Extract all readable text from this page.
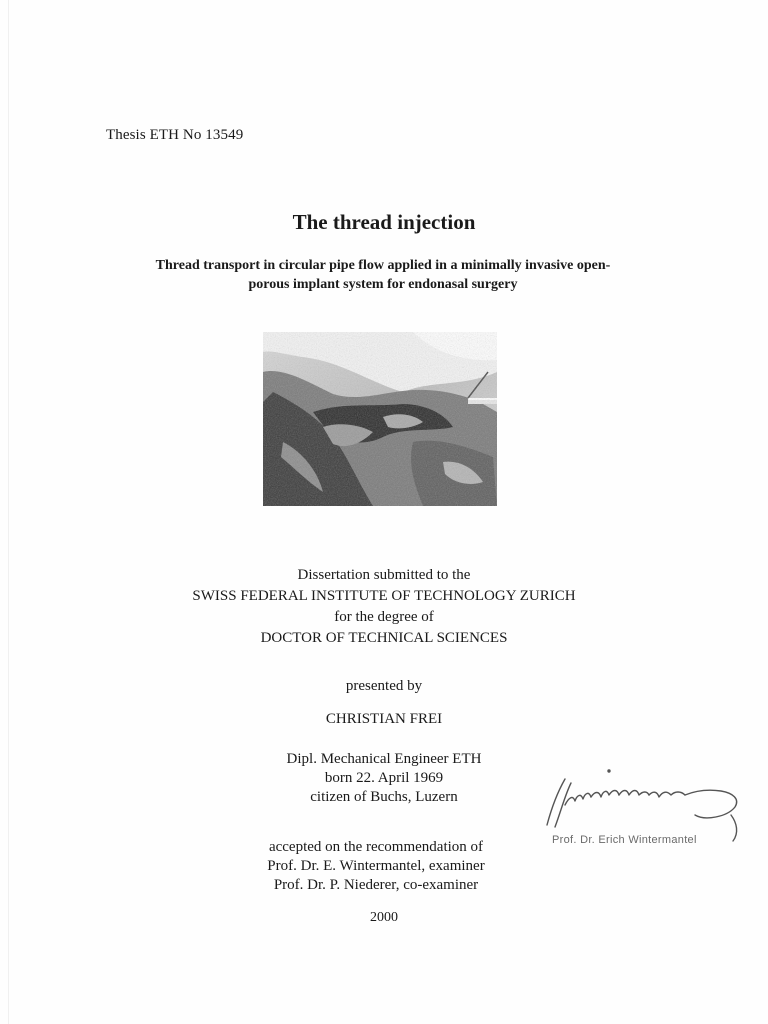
Thesis ETH No 13549
The thread injection
Thread transport in circular pipe flow applied in a minimally invasive open-
porous implant system for endonasal surgery
Dissertation submitted to the
SWISS FEDERAL INSTITUTE OF TECHNOLOGY ZURICH
for the degree of
DOCTOR OF TECHNICAL SCIENCES
presented by
CHRISTIAN FREI
Dipl. Mechanical Engineer ETH
born 22. April 1969
citizen of Buchs, Luzern
accepted on the recommendation of
Prof. Dr. E. Wintermantel, examiner
Prof. Dr. P. Niederer, co-examiner
2000
Prof. Dr. Erich Wintermantel
